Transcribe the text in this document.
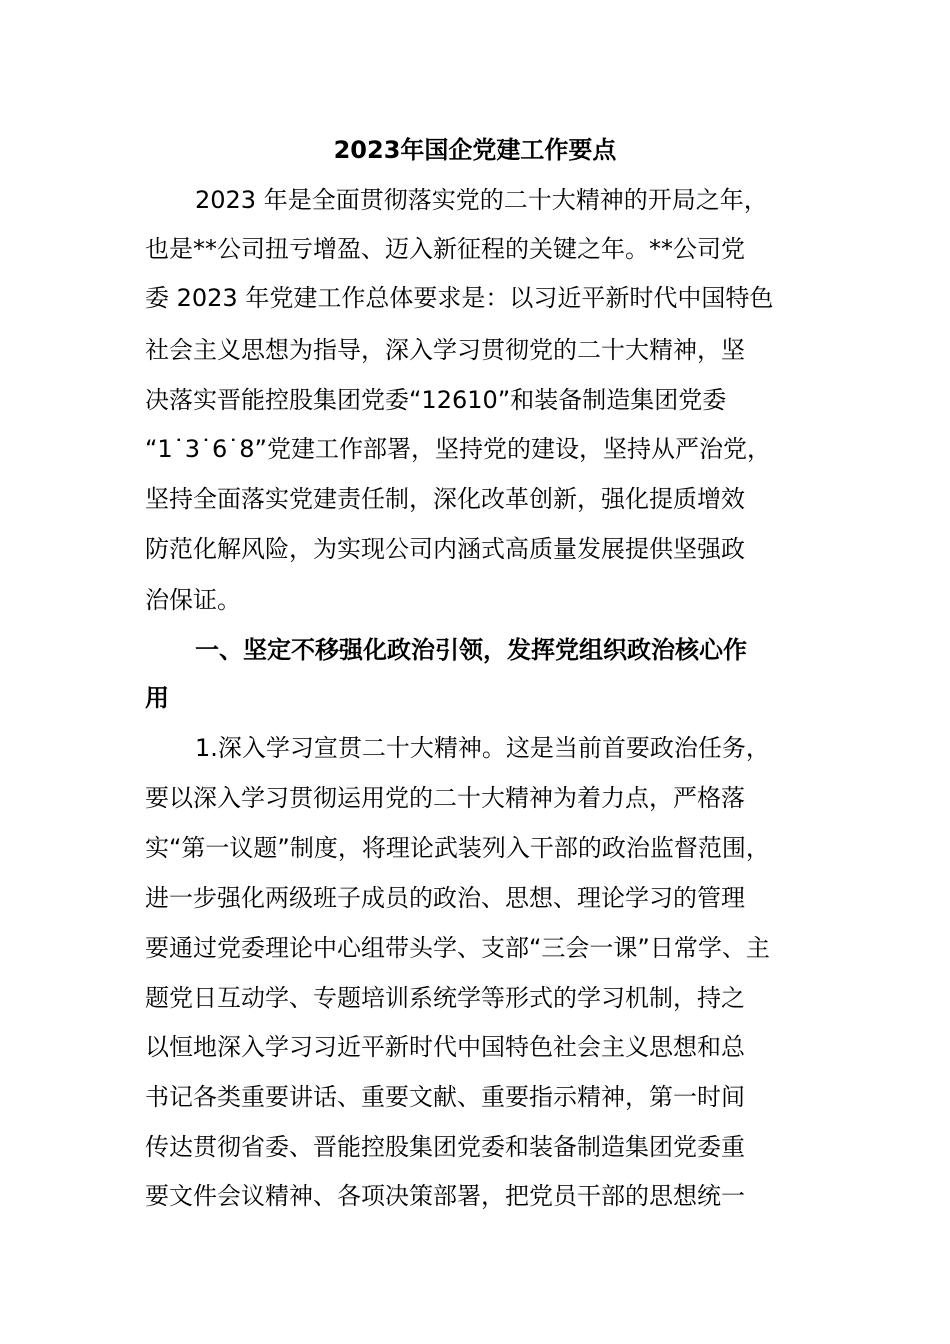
2023年国企党建工作要点

2023 年是全面贯彻落实党的二十大精神的开局之年，

也是**公司扭亏增盈、迈入新征程的关键之年。**公司党

委 2023 年党建工作总体要求是：以习近平新时代中国特色

社会主义思想为指导，深入学习贯彻党的二十大精神，坚

决落实晋能控股集团党委“12610”和装备制造集团党委

“1˙3˙6˙8”党建工作部署，坚持党的建设，坚持从严治党，

坚持全面落实党建责任制，深化改革创新，强化提质增效

防范化解风险，为实现公司内涵式高质量发展提供坚强政

治保证。

一、坚定不移强化政治引领，发挥党组织政治核心作

用

1.深入学习宣贯二十大精神。这是当前首要政治任务，

要以深入学习贯彻运用党的二十大精神为着力点，严格落

实“第一议题”制度，将理论武装列入干部的政治监督范围，

进一步强化两级班子成员的政治、思想、理论学习的管理

要通过党委理论中心组带头学、支部“三会一课”日常学、主

题党日互动学、专题培训系统学等形式的学习机制，持之

以恒地深入学习习近平新时代中国特色社会主义思想和总

书记各类重要讲话、重要文献、重要指示精神，第一时间

传达贯彻省委、晋能控股集团党委和装备制造集团党委重

要文件会议精神、各项决策部署，把党员干部的思想统一
